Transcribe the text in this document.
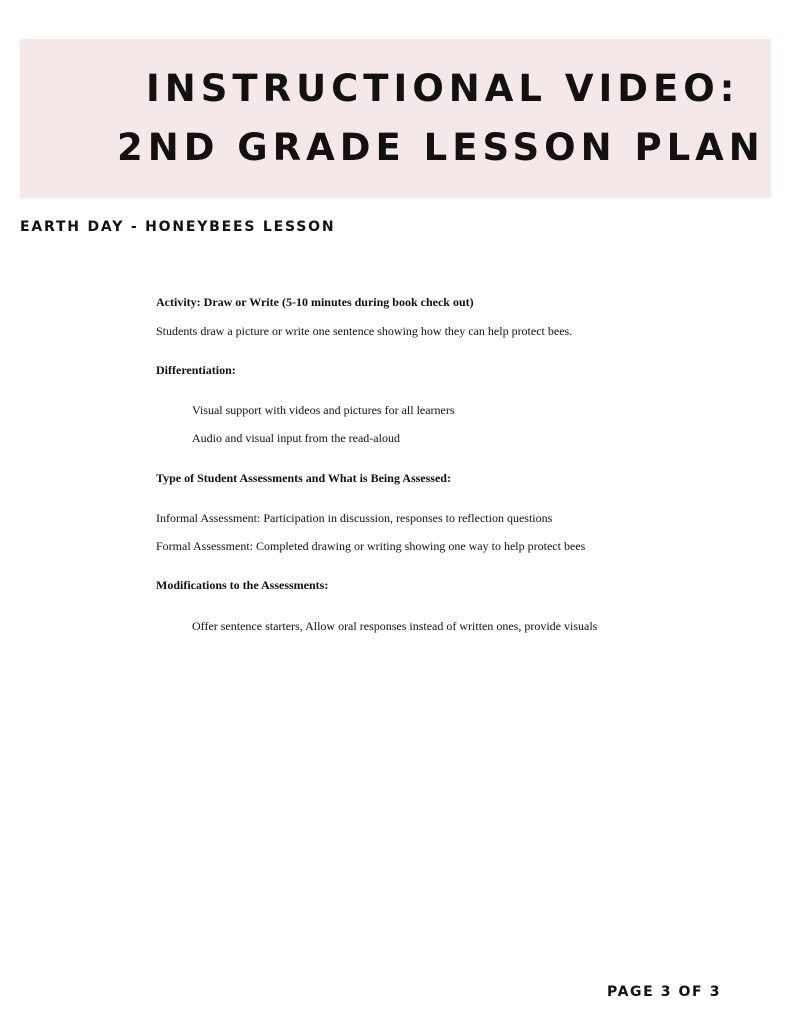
INSTRUCTIONAL VIDEO:
2ND GRADE LESSON PLAN
EARTH DAY - HONEYBEES LESSON
Activity: Draw or Write (5-10 minutes during book check out)
Students draw a picture or write one sentence showing how they can help protect bees.
Differentiation:
Visual support with videos and pictures for all learners
Audio and visual input from the read-aloud
Type of Student Assessments and What is Being Assessed:
Informal Assessment: Participation in discussion, responses to reflection questions
Formal Assessment: Completed drawing or writing showing one way to help protect bees
Modifications to the Assessments:
Offer sentence starters, Allow oral responses instead of written ones, provide visuals
PAGE 3 OF 3
